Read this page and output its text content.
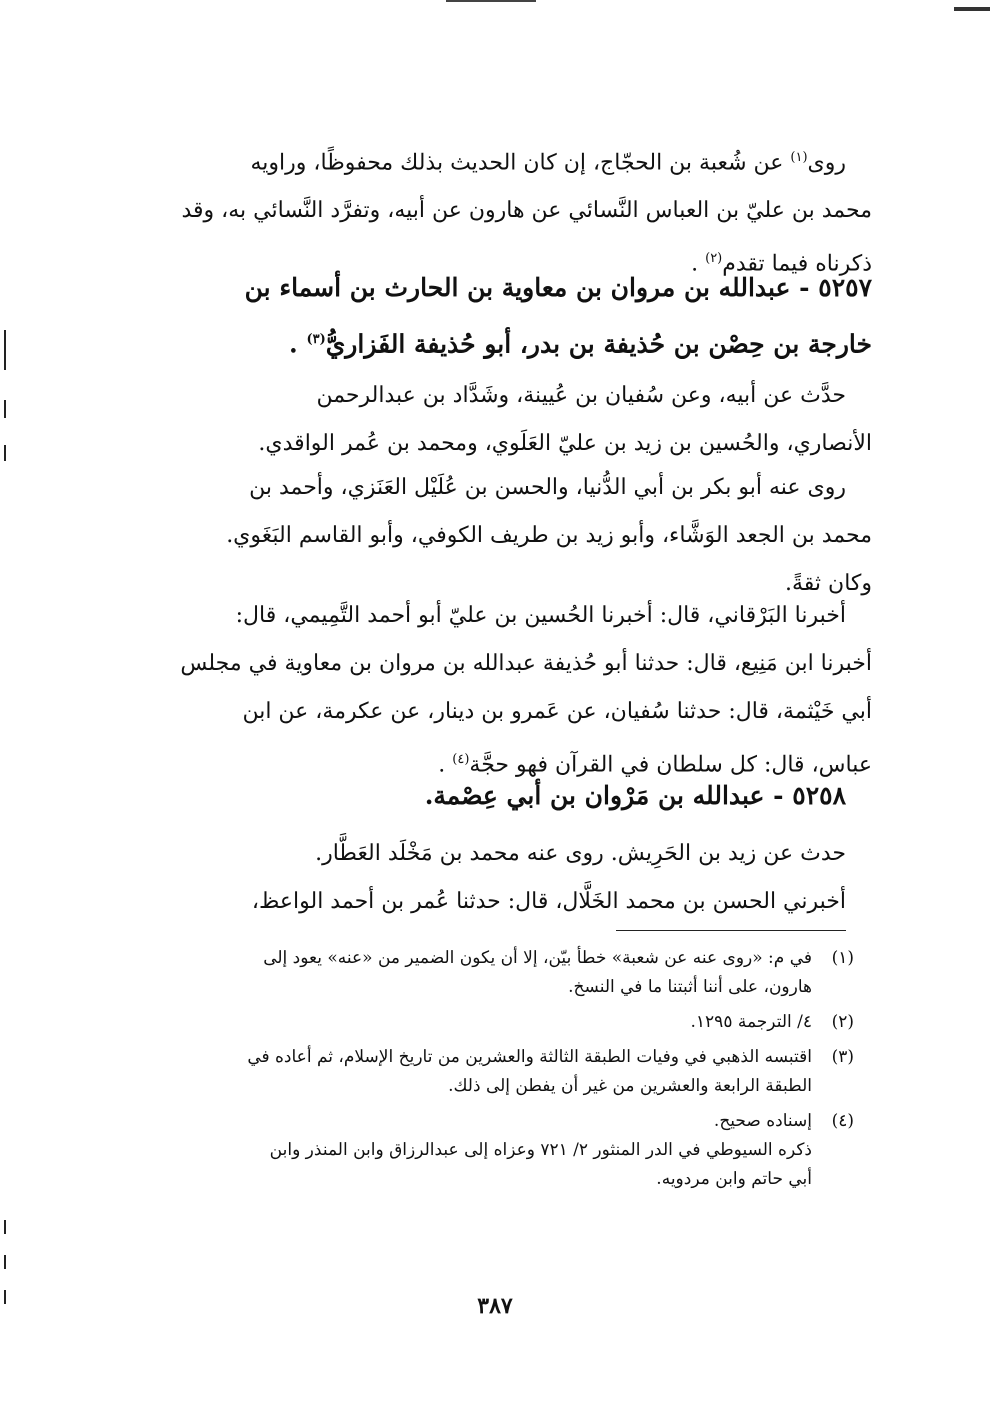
روى$^{(١)}$ عن شُعبة بن الحجّاج، إن كان الحديث بذلك محفوظًا، وراويه

محمد بن عليّ بن العباس النَّسائي عن هارون عن أبيه، وتفرَّد النَّسائي به، وقد

ذكرناه فيما تقدم$^{(٢)}$ .

٥٢٥٧ - عبدالله بن مروان بن معاوية بن الحارث بن أسماء بن

خارجة بن حِصْن بن حُذيفة بن بدر، أبو حُذيفة الفَزاريُّ$^{(٣)}$ .

حدَّث عن أبيه، وعن سُفيان بن عُيينة، وشَدَّاد بن عبدالرحمن

الأنصاري، والحُسين بن زيد بن عليّ العَلَوي، ومحمد بن عُمر الواقدي.

روى عنه أبو بكر بن أبي الدُّنيا، والحسن بن عُلَيْل العَنَزي، وأحمد بن

محمد بن الجعد الوَشَّاء، وأبو زيد بن طريف الكوفي، وأبو القاسم البَغَوي.

وكان ثقةً.

أخبرنا البَرْقاني، قال: أخبرنا الحُسين بن عليّ أبو أحمد التَّمِيمي، قال:

أخبرنا ابن مَنِيع، قال: حدثنا أبو حُذيفة عبدالله بن مروان بن معاوية في مجلس

أبي خَيْثمة، قال: حدثنا سُفيان، عن عَمرو بن دينار، عن عكرمة، عن ابن

عباس، قال: كل سلطان في القرآن فهو حجَّة$^{(٤)}$ .

٥٢٥٨ - عبدالله بن مَرْوان بن أبي عِصْمة.

حدث عن زيد بن الحَرِيش. روى عنه محمد بن مَخْلَد العَطَّار.

أخبرني الحسن بن محمد الخَلَّال، قال: حدثنا عُمر بن أحمد الواعظ،

(١)
في م: «روى عنه عن شعبة» خطأ بيّن، إلا أن يكون الضمير من «عنه» يعود إلى
هارون، على أننا أثبتنا ما في النسخ.
(٢)
٤/ الترجمة ١٢٩٥.
(٣)
اقتبسه الذهبي في وفيات الطبقة الثالثة والعشرين من تاريخ الإسلام، ثم أعاده في
الطبقة الرابعة والعشرين من غير أن يفطن إلى ذلك.
(٤)
إسناده صحيح.
ذكره السيوطي في الدر المنثور ٢/ ٧٢١ وعزاه إلى عبدالرزاق وابن المنذر وابن
أبي حاتم وابن مردويه.
٣٨٧
